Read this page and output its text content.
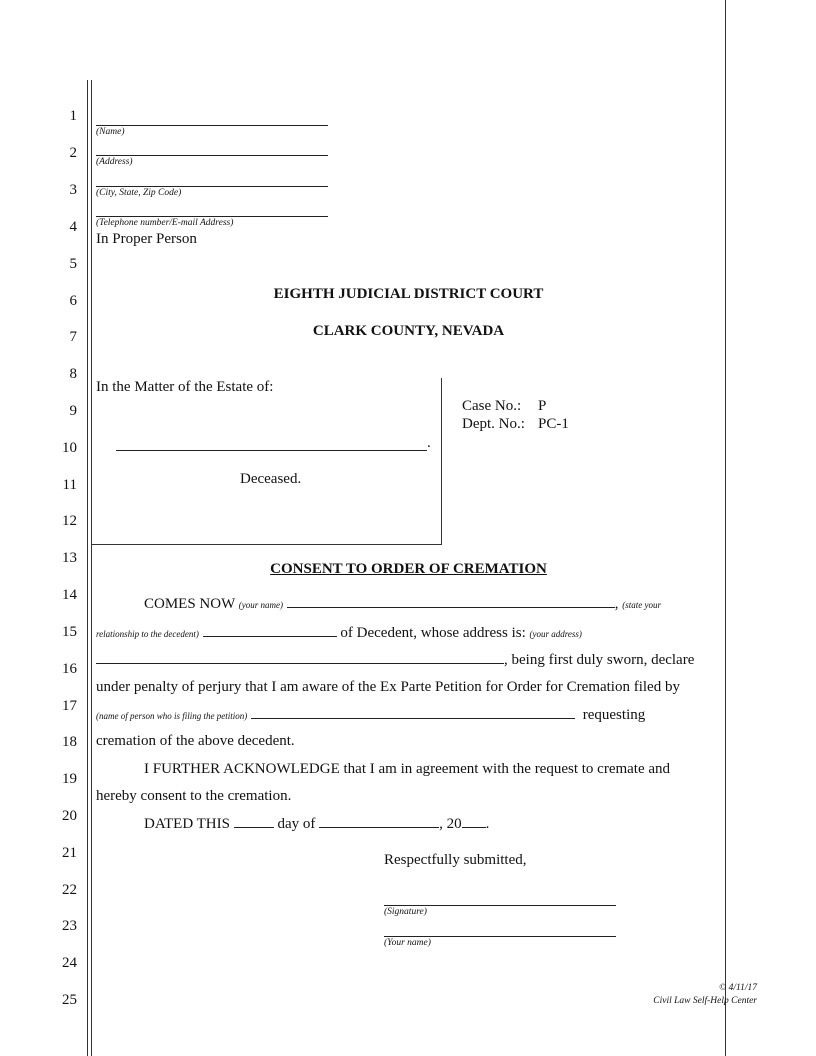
1
2
3
4
5
6
7
8
9
10
11
12
13
14
15
16
17
18
19
20
21
22
23
24
25
(Name)
(Address)
(City, State, Zip Code)
(Telephone number/E-mail Address)
In Proper Person
EIGHTH JUDICIAL DISTRICT COURT
CLARK COUNTY, NEVADA
In the Matter of the Estate of:
.
Deceased.
Case No.: P
Dept. No.: PC-1
CONSENT TO ORDER OF CREMATION
COMES NOW (your name)	, (state your
relationship to the decedent)	of Decedent, whose address is: (your address)
, being first duly sworn, declare
under penalty of perjury that I am aware of the Ex Parte Petition for Order for Cremation filed by
(name of person who is filing the petition)	requesting
cremation of the above decedent.
I FURTHER ACKNOWLEDGE that I am in agreement with the request to cremate and
hereby consent to the cremation.
DATED THIS	day of	, 20 .
Respectfully submitted,
(Signature)
(Your name)
© 4/11/17
Civil Law Self-Help Center
